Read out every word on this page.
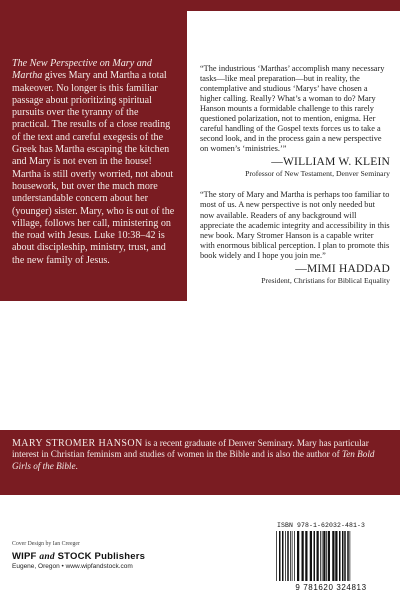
The New Perspective on Mary and Martha gives Mary and Martha a total makeover. No longer is this familiar passage about prioritizing spiritual pursuits over the tyranny of the practical. The results of a close reading of the text and careful exegesis of the Greek has Martha escaping the kitchen and Mary is not even in the house! Martha is still overly worried, not about housework, but over the much more understandable concern about her (younger) sister. Mary, who is out of the village, follows her call, ministering on the road with Jesus. Luke 10:38–42 is about discipleship, ministry, trust, and the new family of Jesus.

“The industrious ‘Marthas’ accomplish many necessary tasks—like meal preparation—but in reality, the contemplative and studious ‘Marys’ have chosen a higher calling. Really? What’s a woman to do? Mary Hanson mounts a formidable challenge to this rarely questioned polarization, not to mention, enigma. Her careful handling of the Gospel texts forces us to take a second look, and in the process gain a new perspective on women’s ‘ministries.’”

—WILLIAM W. KLEIN

Professor of New Testament, Denver Seminary

“The story of Mary and Martha is perhaps too familiar to most of us. A new perspective is not only needed but now available. Readers of any background will appreciate the academic integrity and accessibility in this new book. Mary Stromer Hanson is a capable writer with enormous biblical perception. I plan to promote this book widely and I hope you join me.”

—MIMI HADDAD

President, Christians for Biblical Equality

MARY STROMER HANSON is a recent graduate of Denver Seminary. Mary has particular interest in Christian feminism and studies of women in the Bible and is also the author of Ten Bold Girls of the Bible.

Cover Design by Ian Creeger
WIPF and STOCK Publishers
Eugene, Oregon • www.wipfandstock.com
ISBN 978-1-62032-481-3
9 781620 324813
